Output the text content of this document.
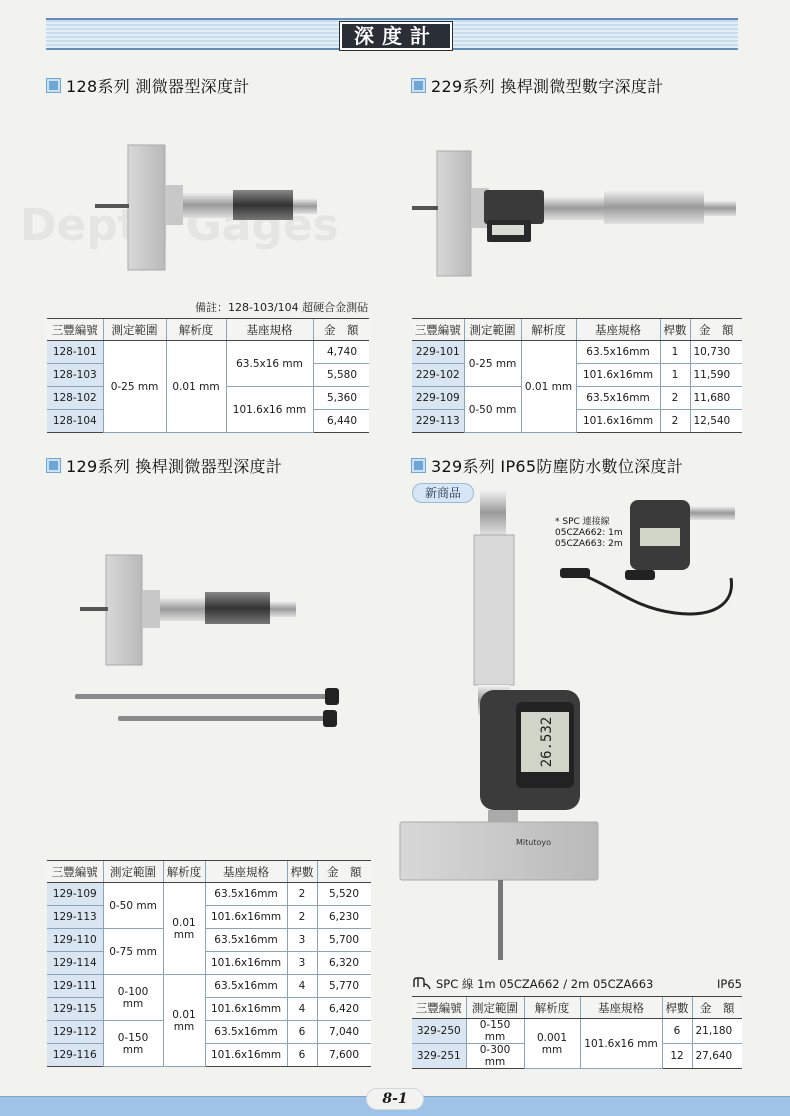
Depth Gages
深度計
128系列 測微器型深度計	229系列 換桿測微型數字深度計
129系列 換桿測微器型深度計	329系列 IP65防塵防水數位深度計
備註：128-103/104 超硬合金測砧
三豐編號	測定範圍	解析度	基座規格	金　額
128-101	0-25 mm	0.01 mm	63.5x16 mm	4,740
128-103				5,580
128-102			101.6x16 mm	5,360
128-104				6,440
三豐編號	測定範圍	解析度	基座規格	桿數	金　額
229-101	0-25 mm	0.01 mm	63.5x16mm	1	10,730
229-102			101.6x16mm	1	11,590
229-109	0-50 mm		63.5x16mm	2	11,680
229-113			101.6x16mm	2	12,540
26.532
Mitutoyo
* SPC 連接線
05CZA662: 1m
05CZA663: 2m
新商品
三豐編號	測定範圍	解析度	基座規格	桿數	金　額
129-109	0-50 mm	0.01	63.5x16mm	2	5,520
129-113			101.6x16mm	2	6,230
129-110	0-75 mm	mm	63.5x16mm	3	5,700
129-114			101.6x16mm	3	6,320
129-111	0-100 mm	0.01	63.5x16mm	4	5,770
129-115			101.6x16mm	4	6,420
129-112	0-150 mm	mm	63.5x16mm	6	7,040
129-116			101.6x16mm	6	7,600
SPC 線 1m 05CZA662 / 2m 05CZA663	IP65
三豐編號	測定範圍	解析度	基座規格	桿數	金　額
329-250	0-150 mm	0.001 mm	101.6x16 mm	6	21,180
329-251	0-300 mm			12	27,640
8-1
